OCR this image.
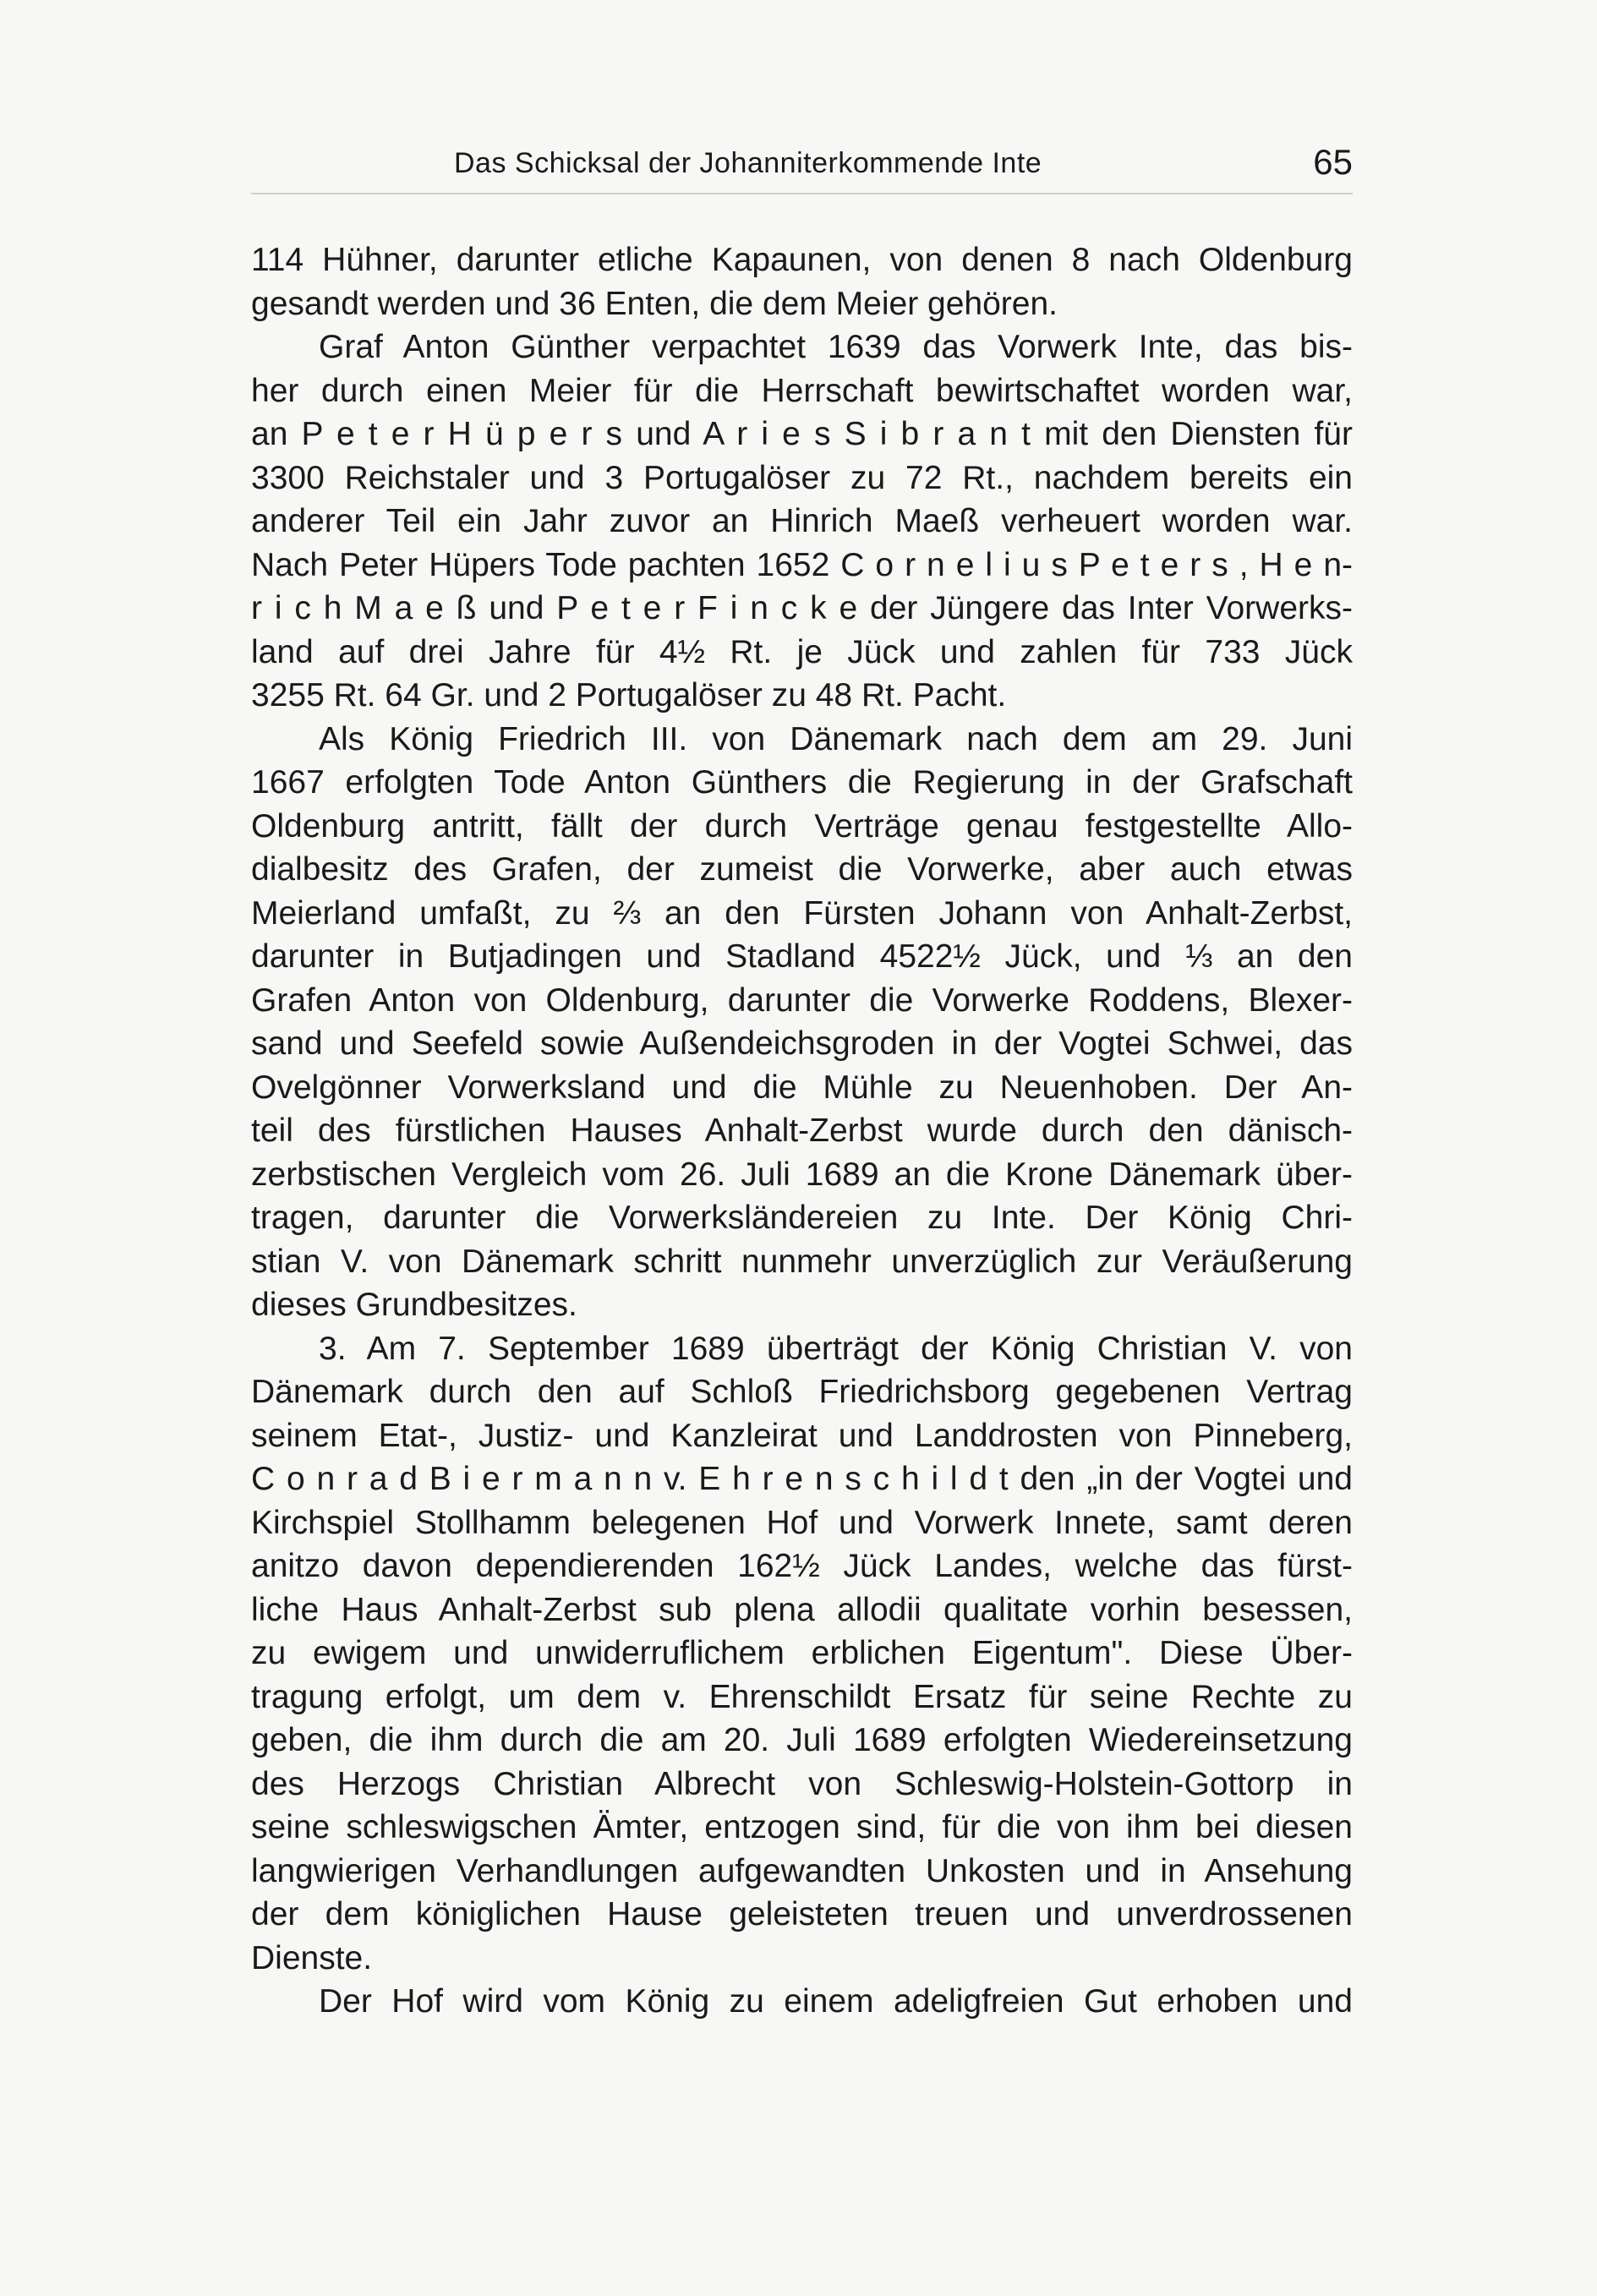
Das Schicksal der Johanniterkommende Inte	65
114 Hühner, darunter etliche Kapaunen, von denen 8 nach Oldenburg
gesandt werden und 36 Enten, die dem Meier gehören.
Graf Anton Günther verpachtet 1639 das Vorwerk Inte, das bis-
her durch einen Meier für die Herrschaft bewirtschaftet worden war,
an P e t e r H ü p e r s und A r i e s S i b r a n t mit den Diensten für
3300 Reichstaler und 3 Portugalöser zu 72 Rt., nachdem bereits ein
anderer Teil ein Jahr zuvor an Hinrich Maeß verheuert worden war.
Nach Peter Hüpers Tode pachten 1652 C o r n e l i u s P e t e r s , H e n-
r i c h M a e ß und P e t e r F i n c k e der Jüngere das Inter Vorwerks-
land auf drei Jahre für 4½ Rt. je Jück und zahlen für 733 Jück
3255 Rt. 64 Gr. und 2 Portugalöser zu 48 Rt. Pacht.
Als König Friedrich III. von Dänemark nach dem am 29. Juni
1667 erfolgten Tode Anton Günthers die Regierung in der Grafschaft
Oldenburg antritt, fällt der durch Verträge genau festgestellte Allo-
dialbesitz des Grafen, der zumeist die Vorwerke, aber auch etwas
Meierland umfaßt, zu ⅔ an den Fürsten Johann von Anhalt-Zerbst,
darunter in Butjadingen und Stadland 4522½ Jück, und ⅓ an den
Grafen Anton von Oldenburg, darunter die Vorwerke Roddens, Blexer-
sand und Seefeld sowie Außendeichsgroden in der Vogtei Schwei, das
Ovelgönner Vorwerksland und die Mühle zu Neuenhoben. Der An-
teil des fürstlichen Hauses Anhalt-Zerbst wurde durch den dänisch-
zerbstischen Vergleich vom 26. Juli 1689 an die Krone Dänemark über-
tragen, darunter die Vorwerksländereien zu Inte. Der König Chri-
stian V. von Dänemark schritt nunmehr unverzüglich zur Veräußerung
dieses Grundbesitzes.
3. Am 7. September 1689 überträgt der König Christian V. von
Dänemark durch den auf Schloß Friedrichsborg gegebenen Vertrag
seinem Etat-, Justiz- und Kanzleirat und Landdrosten von Pinneberg,
C o n r a d B i e r m a n n v. E h r e n s c h i l d t den „in der Vogtei und
Kirchspiel Stollhamm belegenen Hof und Vorwerk Innete, samt deren
anitzo davon dependierenden 162½ Jück Landes, welche das fürst-
liche Haus Anhalt-Zerbst sub plena allodii qualitate vorhin besessen,
zu ewigem und unwiderruflichem erblichen Eigentum". Diese Über-
tragung erfolgt, um dem v. Ehrenschildt Ersatz für seine Rechte zu
geben, die ihm durch die am 20. Juli 1689 erfolgten Wiedereinsetzung
des Herzogs Christian Albrecht von Schleswig-Holstein-Gottorp in
seine schleswigschen Ämter, entzogen sind, für die von ihm bei diesen
langwierigen Verhandlungen aufgewandten Unkosten und in Ansehung
der dem königlichen Hause geleisteten treuen und unverdrossenen
Dienste.
Der Hof wird vom König zu einem adeligfreien Gut erhoben und
